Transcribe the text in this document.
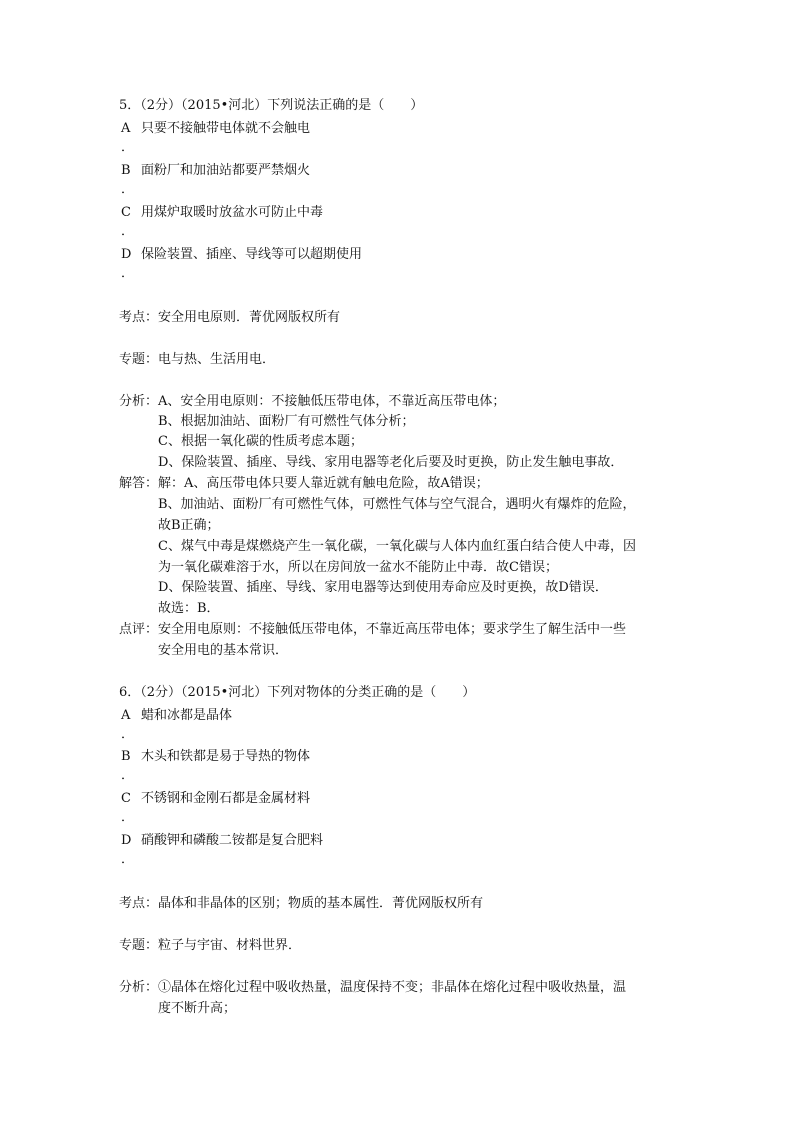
5．（2分）（2015•河北）下列说法正确的是（　　）
A 只要不接触带电体就不会触电
．
B 面粉厂和加油站都要严禁烟火
．
C 用煤炉取暖时放盆水可防止中毒
．
D 保险装置、插座、导线等可以超期使用
．
考点：安全用电原则．菁优网版权所有
专题：电与热、生活用电．
分析： A、安全用电原则：不接触低压带电体，不靠近高压带电体；
B、根据加油站、面粉厂有可燃性气体分析；
C、根据一氧化碳的性质考虑本题；
D、保险装置、插座、导线、家用电器等老化后要及时更换，防止发生触电事故．
解答： 解：A、高压带电体只要人靠近就有触电危险，故A错误；
B、加油站、面粉厂有可燃性气体，可燃性气体与空气混合，遇明火有爆炸的危险，
故B正确；
C、煤气中毒是煤燃烧产生一氧化碳，一氧化碳与人体内血红蛋白结合使人中毒，因
为一氧化碳难溶于水，所以在房间放一盆水不能防止中毒．故C错误；
D、保险装置、插座、导线、家用电器等达到使用寿命应及时更换，故D错误．
故选：B．
点评： 安全用电原则：不接触低压带电体，不靠近高压带电体；要求学生了解生活中一些
安全用电的基本常识．
6．（2分）（2015•河北）下列对物体的分类正确的是（　　）
A 蜡和冰都是晶体
．
B 木头和铁都是易于导热的物体
．
C 不锈钢和金刚石都是金属材料
．
D 硝酸钾和磷酸二铵都是复合肥料
．
考点：晶体和非晶体的区别；物质的基本属性．菁优网版权所有
专题：粒子与宇宙、材料世界．
分析： ①晶体在熔化过程中吸收热量，温度保持不变；非晶体在熔化过程中吸收热量，温
度不断升高；
